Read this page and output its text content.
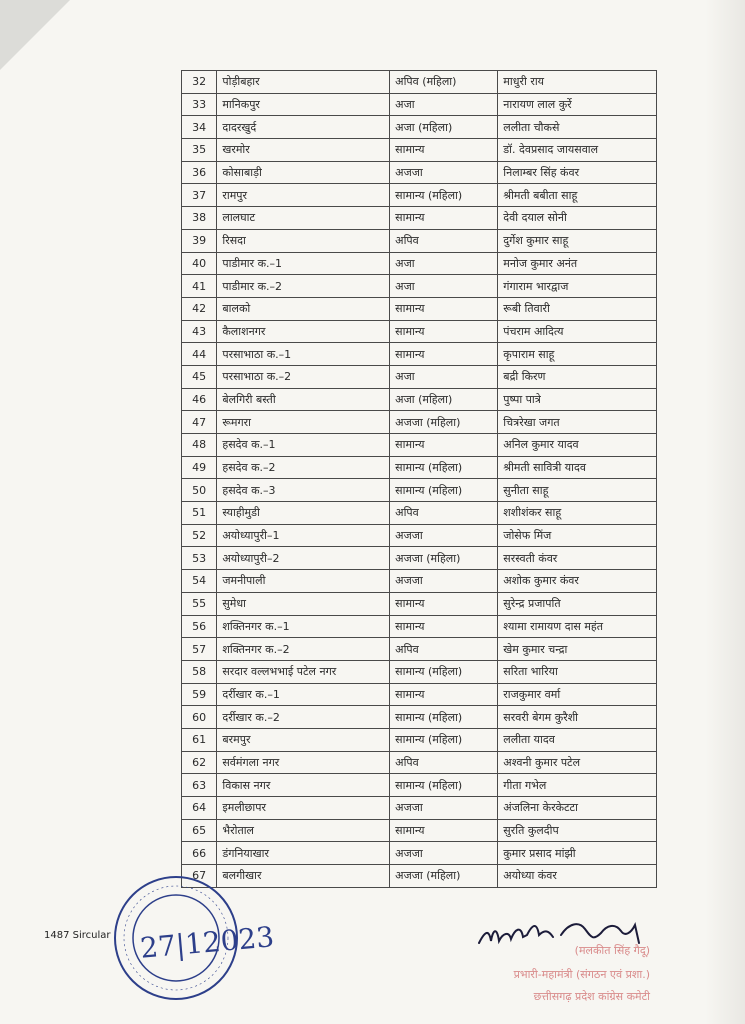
32	पोड़ीबहार	अपिव (महिला)	माधुरी राय
33	मानिकपुर	अजा	नारायण लाल कुर्रे
34	दादरखुर्द	अजा (महिला)	ललीता चौकसे
35	खरमोर	सामान्य	डॉ. देवप्रसाद जायसवाल
36	कोसाबाड़ी	अजजा	निलाम्बर सिंह कंवर
37	रामपुर	सामान्य (महिला)	श्रीमती बबीता साहू
38	लालघाट	सामान्य	देवी दयाल सोनी
39	रिसदा	अपिव	दुर्गेश कुमार साहू
40	पाडीमार क.–1	अजा	मनोज कुमार अनंत
41	पाडीमार क.–2	अजा	गंगाराम भारद्वाज
42	बालको	सामान्य	रूबी तिवारी
43	कैलाशनगर	सामान्य	पंचराम आदित्य
44	परसाभाठा क.–1	सामान्य	कृपाराम साहू
45	परसाभाठा क.–2	अजा	बद्री किरण
46	बेलगिरी बस्ती	अजा (महिला)	पुष्पा पात्रे
47	रूमगरा	अजजा (महिला)	चित्ररेखा जगत
48	हसदेव क.–1	सामान्य	अनिल कुमार यादव
49	हसदेव क.–2	सामान्य (महिला)	श्रीमती सावित्री यादव
50	हसदेव क.–3	सामान्य (महिला)	सुनीता साहू
51	स्याहीमुडी	अपिव	शशीशंकर साहू
52	अयोध्यापुरी–1	अजजा	जोसेफ मिंज
53	अयोध्यापुरी–2	अजजा (महिला)	सरस्वती कंवर
54	जमनीपाली	अजजा	अशोक कुमार कंवर
55	सुमेधा	सामान्य	सुरेन्द्र प्रजापति
56	शक्तिनगर क.–1	सामान्य	श्यामा रामायण दास महंत
57	शक्तिनगर क.–2	अपिव	खेम कुमार चन्द्रा
58	सरदार वल्लभभाई पटेल नगर	सामान्य (महिला)	सरिता भारिया
59	दर्रीखार क.–1	सामान्य	राजकुमार वर्मा
60	दर्रीखार क.–2	सामान्य (महिला)	सरवरी बेगम कुरैशी
61	बरमपुर	सामान्य (महिला)	ललीता यादव
62	सर्वमंगला नगर	अपिव	अश्वनी कुमार पटेल
63	विकास नगर	सामान्य (महिला)	गीता गभेल
64	इमलीछापर	अजजा	अंजलिना केरकेटटा
65	भैरोताल	सामान्य	सुरति कुलदीप
66	डंगनियाखार	अजजा	कुमार प्रसाद मांझी
67	बलगीखार	अजजा (महिला)	अयोध्या कंवर
1487 Sircular 27|12023	(मलकीत सिंह गैदू)
प्रभारी-महामंत्री (संगठन एवं प्रशा.)
छत्तीसगढ़ प्रदेश कांग्रेस कमेटी
